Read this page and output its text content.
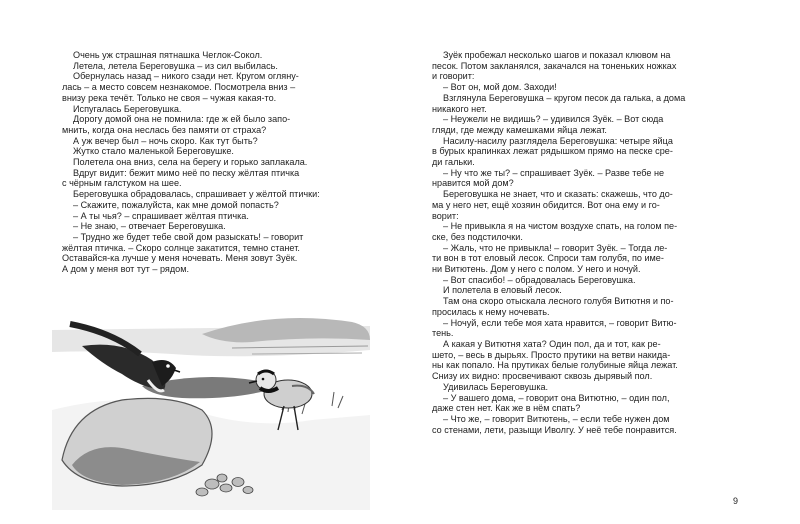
Очень уж страшная пятнашка Чеглок-Сокол.
Летела, летела Береговушка – из сил выбилась.
Обернулась назад – никого сзади нет. Кругом огляну-
лась – а место совсем незнакомое. Посмотрела вниз –
внизу река течёт. Только не своя – чужая какая-то.
Испугалась Береговушка.
Дорогу домой она не помнила: где ж ей было запо-
мнить, когда она неслась без памяти от страха?
А уж вечер был – ночь скоро. Как тут быть?
Жутко стало маленькой Береговушке.
Полетела она вниз, села на берегу и горько заплакала.
Вдруг видит: бежит мимо неё по песку жёлтая птичка
с чёрным галстуком на шее.
Береговушка обрадовалась, спрашивает у жёлтой птички:
– Скажите, пожалуйста, как мне домой попасть?
– А ты чья? – спрашивает жёлтая птичка.
– Не знаю, – отвечает Береговушка.
– Трудно же будет тебе свой дом разыскать! – говорит
жёлтая птичка. – Скоро солнце закатится, темно станет.
Оставайся-ка лучше у меня ночевать. Меня зовут Зуёк.
А дом у меня вот тут – рядом.
Зуёк пробежал несколько шагов и показал клювом на
песок. Потом закланялся, закачался на тоненьких ножках
и говорит:
– Вот он, мой дом. Заходи!
Взглянула Береговушка – кругом песок да галька, а дома
никакого нет.
– Неужели не видишь? – удивился Зуёк. – Вот сюда
гляди, где между камешками яйца лежат.
Насилу-насилу разглядела Береговушка: четыре яйца
в бурых крапинках лежат рядышком прямо на песке сре-
ди гальки.
– Ну что же ты? – спрашивает Зуёк. – Разве тебе не
нравится мой дом?
Береговушка не знает, что и сказать: скажешь, что до-
ма у него нет, ещё хозяин обидится. Вот она ему и го-
ворит:
– Не привыкла я на чистом воздухе спать, на голом пе-
ске, без подстилочки.
– Жаль, что не привыкла! – говорит Зуёк. – Тогда ле-
ти вон в тот еловый лесок. Спроси там голубя, по име-
ни Витютень. Дом у него с полом. У него и ночуй.
– Вот спасибо! – обрадовалась Береговушка.
И полетела в еловый лесок.
Там она скоро отыскала лесного голубя Витютня и по-
просилась к нему ночевать.
– Ночуй, если тебе моя хата нравится, – говорит Витю-
тень.
А какая у Витютня хата? Один пол, да и тот, как ре-
шето, – весь в дырьях. Просто прутики на ветви накида-
ны как попало. На прутиках белые голубиные яйца лежат.
Снизу их видно: просвечивают сквозь дырявый пол.
Удивилась Береговушка.
– У вашего дома, – говорит она Витютню, – один пол,
даже стен нет. Как же в нём спать?
– Что же, – говорит Витютень, – если тебе нужен дом
со стенами, лети, разыщи Иволгу. У неё тебе понравится.
9
